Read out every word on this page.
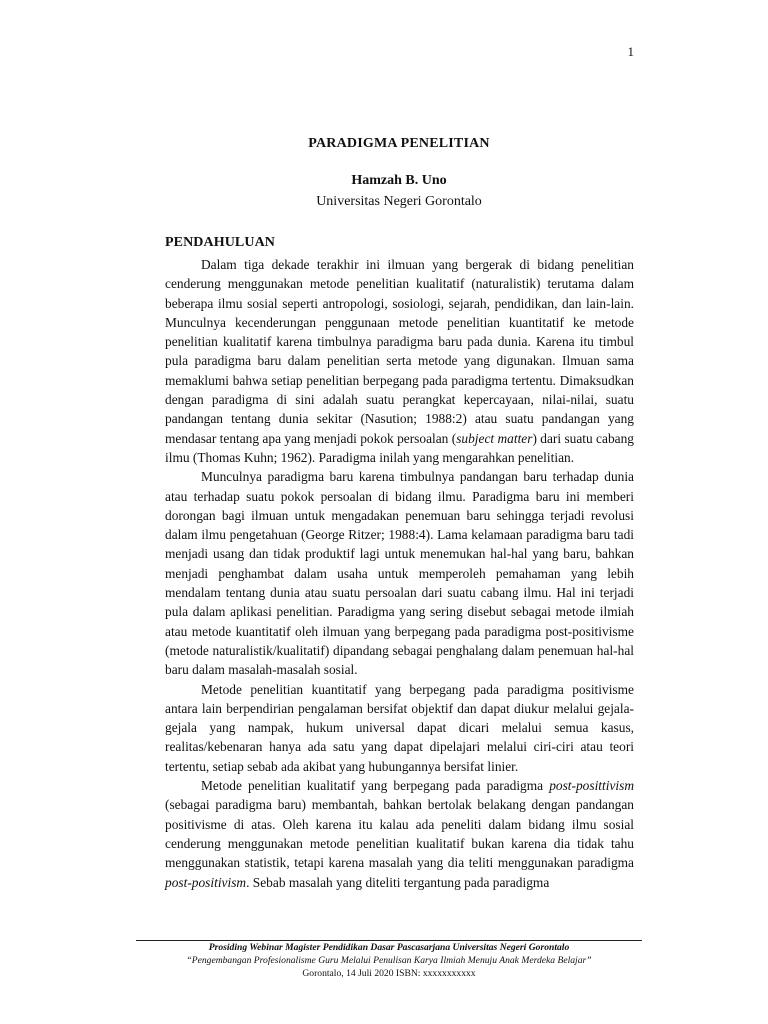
1

PARADIGMA PENELITIAN

Hamzah B. Uno

Universitas Negeri Gorontalo

PENDAHULUAN

Dalam tiga dekade terakhir ini ilmuan yang bergerak di bidang penelitian cenderung menggunakan metode penelitian kualitatif (naturalistik) terutama dalam beberapa ilmu sosial seperti antropologi, sosiologi, sejarah, pendidikan, dan lain-lain. Munculnya kecenderungan penggunaan metode penelitian kuantitatif ke metode penelitian kualitatif karena timbulnya paradigma baru pada dunia. Karena itu timbul pula paradigma baru dalam penelitian serta metode yang digunakan. Ilmuan sama memaklumi bahwa setiap penelitian berpegang pada paradigma tertentu. Dimaksudkan dengan paradigma di sini adalah suatu perangkat kepercayaan, nilai-nilai, suatu pandangan tentang dunia sekitar (Nasution; 1988:2) atau suatu pandangan yang mendasar tentang apa yang menjadi pokok persoalan (subject matter) dari suatu cabang ilmu (Thomas Kuhn; 1962). Paradigma inilah yang mengarahkan penelitian.

Munculnya paradigma baru karena timbulnya pandangan baru terhadap dunia atau terhadap suatu pokok persoalan di bidang ilmu. Paradigma baru ini memberi dorongan bagi ilmuan untuk mengadakan penemuan baru sehingga terjadi revolusi dalam ilmu pengetahuan (George Ritzer; 1988:4). Lama kelamaan paradigma baru tadi menjadi usang dan tidak produktif lagi untuk menemukan hal-hal yang baru, bahkan menjadi penghambat dalam usaha untuk memperoleh pemahaman yang lebih mendalam tentang dunia atau suatu persoalan dari suatu cabang ilmu. Hal ini terjadi pula dalam aplikasi penelitian. Paradigma yang sering disebut sebagai metode ilmiah atau metode kuantitatif oleh ilmuan yang berpegang pada paradigma post-positivisme (metode naturalistik/kualitatif) dipandang sebagai penghalang dalam penemuan hal-hal baru dalam masalah-masalah sosial.

Metode penelitian kuantitatif yang berpegang pada paradigma positivisme antara lain berpendirian pengalaman bersifat objektif dan dapat diukur melalui gejala-gejala yang nampak, hukum universal dapat dicari melalui semua kasus, realitas/kebenaran hanya ada satu yang dapat dipelajari melalui ciri-ciri atau teori tertentu, setiap sebab ada akibat yang hubungannya bersifat linier.

Metode penelitian kualitatif yang berpegang pada paradigma post-posittivism (sebagai paradigma baru) membantah, bahkan bertolak belakang dengan pandangan positivisme di atas. Oleh karena itu kalau ada peneliti dalam bidang ilmu sosial cenderung menggunakan metode penelitian kualitatif bukan karena dia tidak tahu menggunakan statistik, tetapi karena masalah yang dia teliti menggunakan paradigma post-positivism. Sebab masalah yang diteliti tergantung pada paradigma

Prosiding Webinar Magister Pendidikan Dasar Pascasarjana Universitas Negeri Gorontalo
“Pengembangan Profesionalisme Guru Melalui Penulisan Karya Ilmiah Menuju Anak Merdeka Belajar”
Gorontalo, 14 Juli 2020 ISBN: xxxxxxxxxxx
